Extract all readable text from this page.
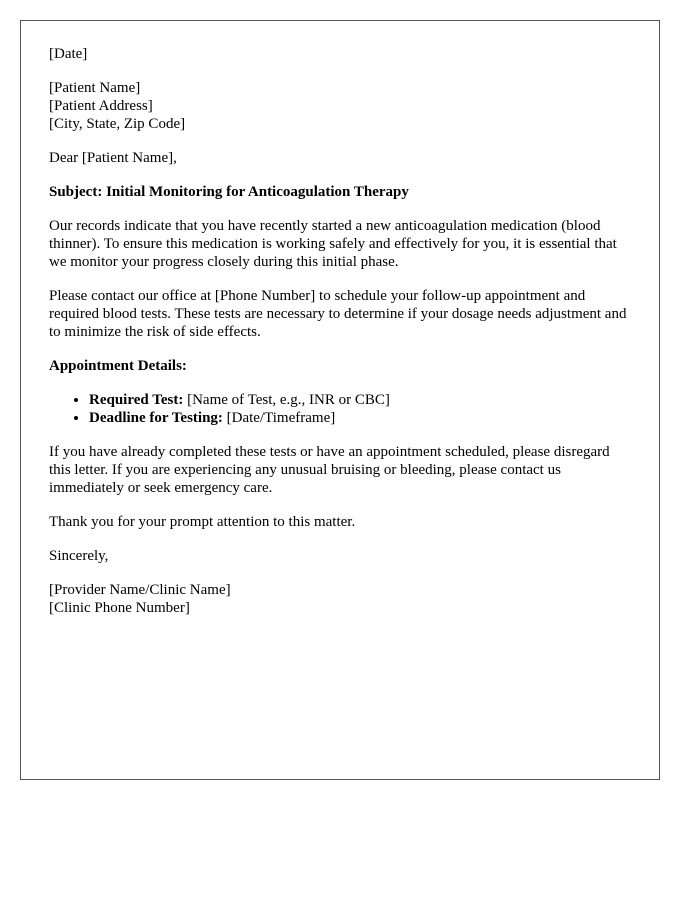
[Date]

[Patient Name]
[Patient Address]
[City, State, Zip Code]

Dear [Patient Name],

Subject: Initial Monitoring for Anticoagulation Therapy

Our records indicate that you have recently started a new anticoagulation medication (blood thinner). To ensure this medication is working safely and effectively for you, it is essential that we monitor your progress closely during this initial phase.

Please contact our office at [Phone Number] to schedule your follow-up appointment and required blood tests. These tests are necessary to determine if your dosage needs adjustment and to minimize the risk of side effects.

Appointment Details:

• Required Test: [Name of Test, e.g., INR or CBC]
• Deadline for Testing: [Date/Timeframe]

If you have already completed these tests or have an appointment scheduled, please disregard this letter. If you are experiencing any unusual bruising or bleeding, please contact us immediately or seek emergency care.

Thank you for your prompt attention to this matter.

Sincerely,

[Provider Name/Clinic Name]
[Clinic Phone Number]
